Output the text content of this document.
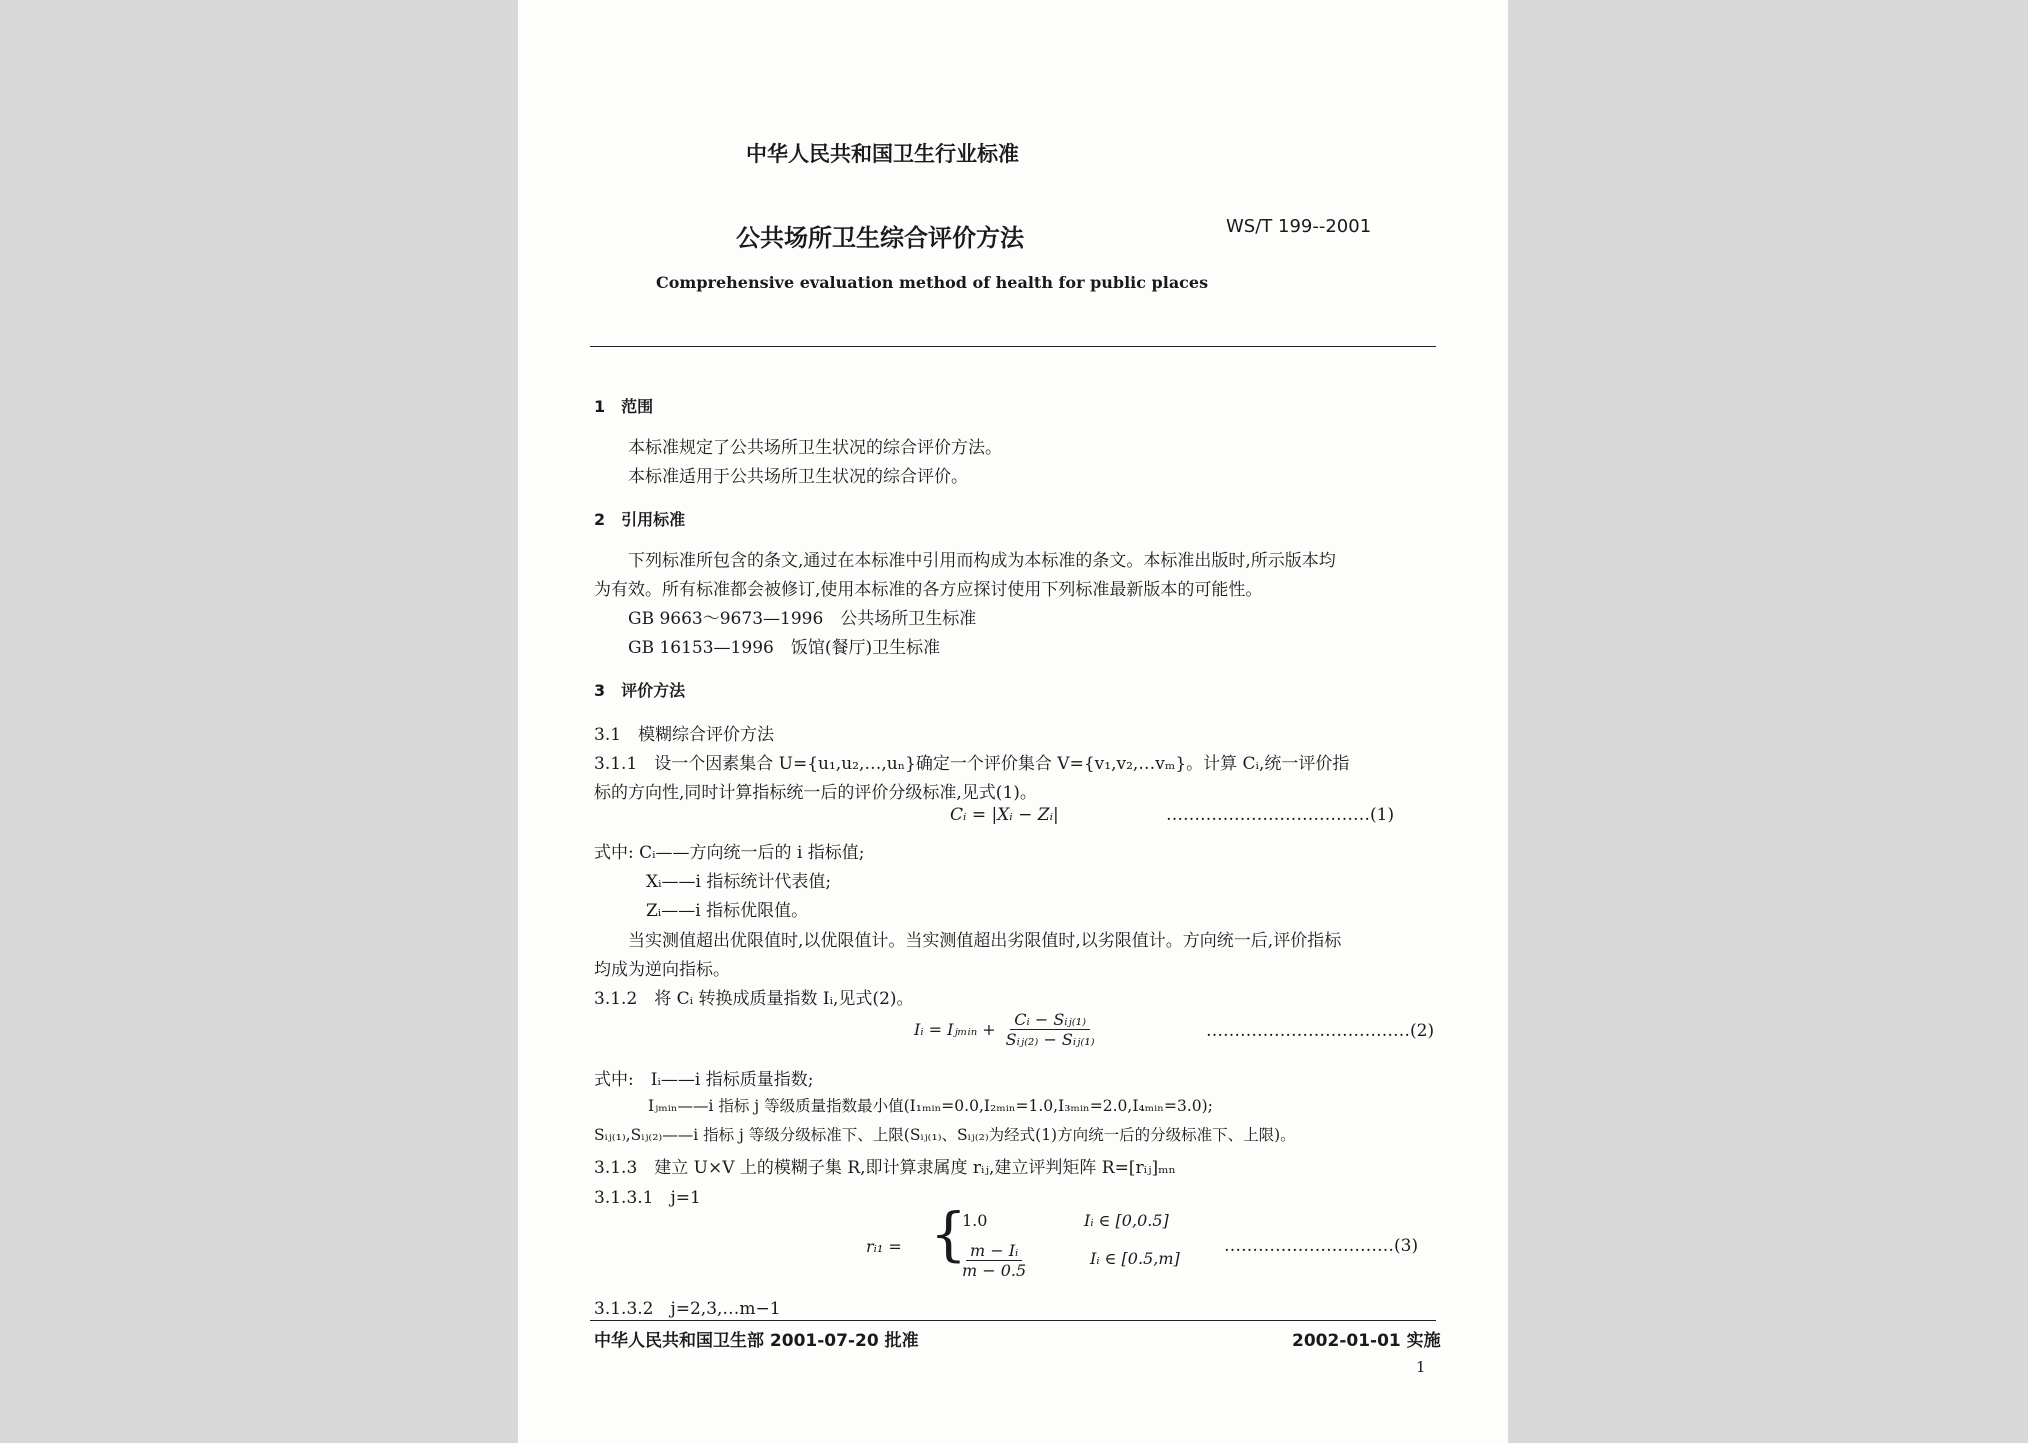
中华人民共和国卫生行业标准
公共场所卫生综合评价方法	WS/T 199--2001
Comprehensive evaluation method of health for public places
1　范围
本标准规定了公共场所卫生状况的综合评价方法。
本标准适用于公共场所卫生状况的综合评价。
2　引用标准
下列标准所包含的条文,通过在本标准中引用而构成为本标准的条文。本标准出版时,所示版本均
为有效。所有标准都会被修订,使用本标准的各方应探讨使用下列标准最新版本的可能性。
GB 9663～9673—1996　公共场所卫生标准
GB 16153—1996　饭馆(餐厅)卫生标准
3　评价方法
3.1　模糊综合评价方法
3.1.1　设一个因素集合 U={u₁,u₂,…,uₙ}确定一个评价集合 V={v₁,v₂,…vₘ}。计算 Cᵢ,统一评价指
标的方向性,同时计算指标统一后的评价分级标准,见式(1)。
Cᵢ = |Xᵢ − Zᵢ|	………………………………(1)
式中: Cᵢ——方向统一后的 i 指标值;
Xᵢ——i 指标统计代表值;
Zᵢ——i 指标优限值。
当实测值超出优限值时,以优限值计。当实测值超出劣限值时,以劣限值计。方向统一后,评价指标
均成为逆向指标。
3.1.2　将 Cᵢ 转换成质量指数 Iᵢ,见式(2)。
Iᵢ = Iⱼₘᵢₙ +
Cᵢ − Sᵢⱼ₍₁₎
Sᵢⱼ₍₂₎ − Sᵢⱼ₍₁₎	………………………………(2)
式中:　Iᵢ——i 指标质量指数;
Iⱼₘᵢₙ——i 指标 j 等级质量指数最小值(I₁ₘᵢₙ=0.0,I₂ₘᵢₙ=1.0,I₃ₘᵢₙ=2.0,I₄ₘᵢₙ=3.0);
Sᵢⱼ₍₁₎,Sᵢⱼ₍₂₎——i 指标 j 等级分级标准下、上限(Sᵢⱼ₍₁₎、Sᵢⱼ₍₂₎为经式(1)方向统一后的分级标准下、上限)。
3.1.3　建立 U×V 上的模糊子集 R,即计算隶属度 rᵢⱼ,建立评判矩阵 R=[rᵢⱼ]ₘₙ
3.1.3.1　j=1
rᵢ₁ = {
1.0	Iᵢ ∈ [0,0.5]
$\frac{\text{m − Iᵢ}}{m - 0.5}$	Iᵢ ∈ [0.5,m]
…………………………(3)
3.1.3.2　j=2,3,…m−1
中华人民共和国卫生部 2001-07-20 批准	2002-01-01 实施
1
